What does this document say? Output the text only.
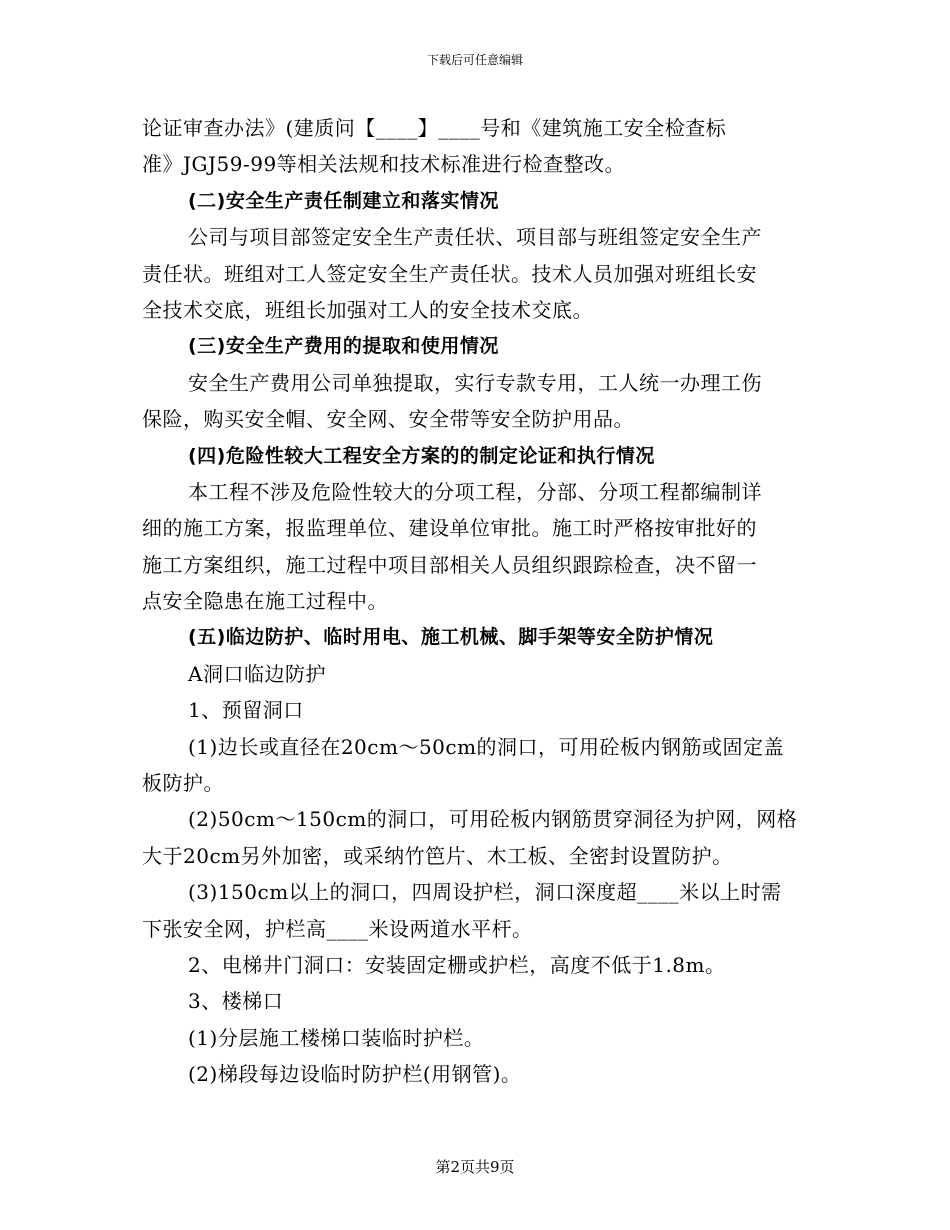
下载后可任意编辑
论证审查办法》(建质问【____】____号和《建筑施工安全检查标
准》JGJ59-99等相关法规和技术标准进行检查整改。
(二)安全生产责任制建立和落实情况
公司与项目部签定安全生产责任状、项目部与班组签定安全生产
责任状。班组对工人签定安全生产责任状。技术人员加强对班组长安
全技术交底，班组长加强对工人的安全技术交底。
(三)安全生产费用的提取和使用情况
安全生产费用公司单独提取，实行专款专用，工人统一办理工伤
保险，购买安全帽、安全网、安全带等安全防护用品。
(四)危险性较大工程安全方案的的制定论证和执行情况
本工程不涉及危险性较大的分项工程，分部、分项工程都编制详
细的施工方案，报监理单位、建设单位审批。施工时严格按审批好的
施工方案组织，施工过程中项目部相关人员组织跟踪检查，决不留一
点安全隐患在施工过程中。
(五)临边防护、临时用电、施工机械、脚手架等安全防护情况
A洞口临边防护
1、预留洞口
(1)边长或直径在20cm～50cm的洞口，可用砼板内钢筋或固定盖
板防护。
(2)50cm～150cm的洞口，可用砼板内钢筋贯穿洞径为护网，网格
大于20cm另外加密，或采纳竹笆片、木工板、全密封设置防护。
(3)150cm以上的洞口，四周设护栏，洞口深度超____米以上时需
下张安全网，护栏高____米设两道水平杆。
2、电梯井门洞口：安装固定栅或护栏，高度不低于1.8m。
3、楼梯口
(1)分层施工楼梯口装临时护栏。
(2)梯段每边设临时防护栏(用钢管)。
第2页共9页
